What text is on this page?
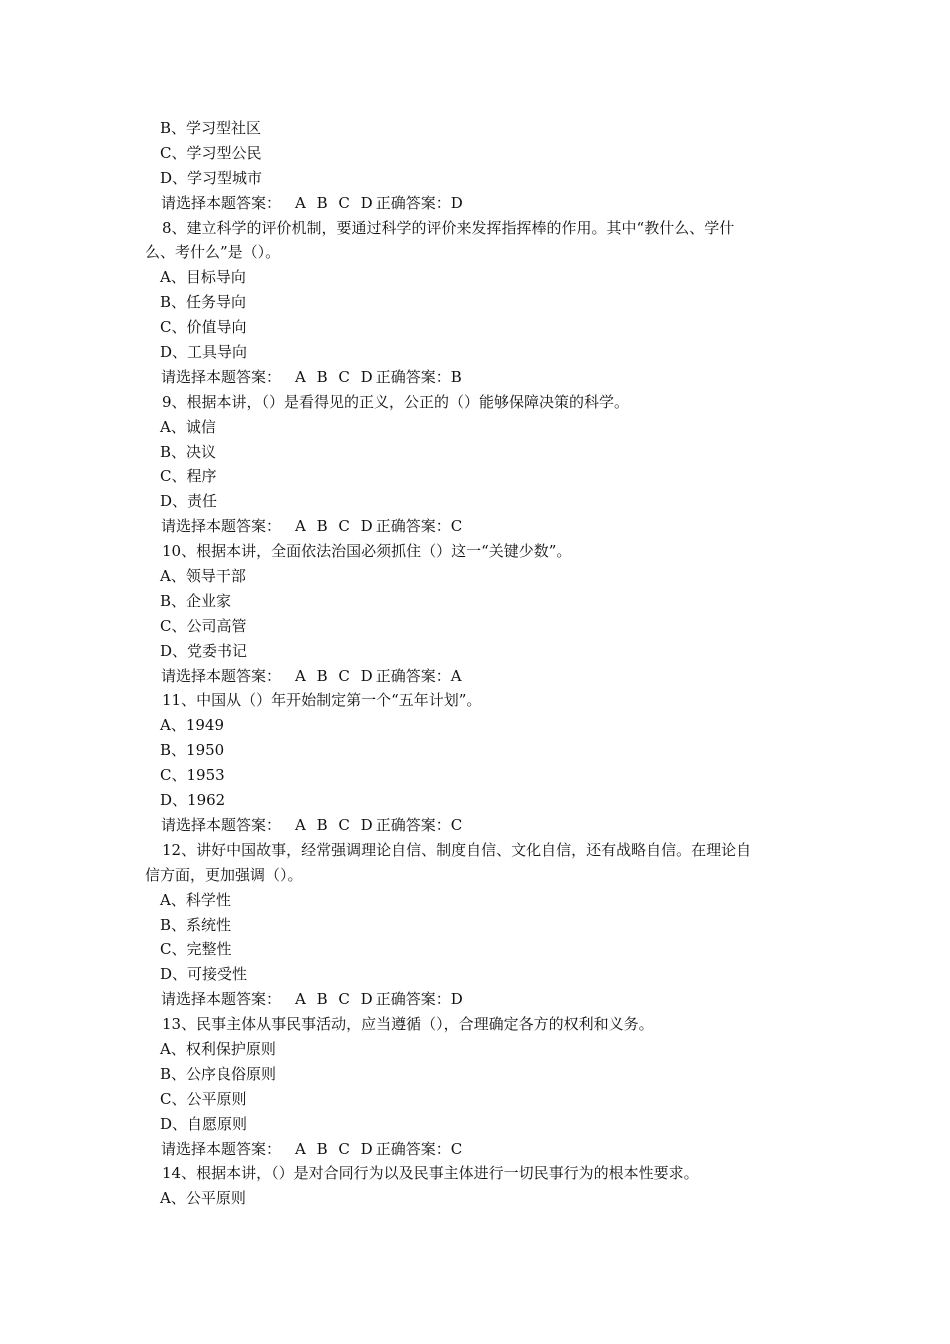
B、学习型社区
C、学习型公民
D、学习型城市
请选择本题答案： A B C D正确答案：D
8、建立科学的评价机制，要通过科学的评价来发挥指挥棒的作用。其中“教什么、学什
么、考什么”是（）。
A、目标导向
B、任务导向
C、价值导向
D、工具导向
请选择本题答案： A B C D正确答案：B
9、根据本讲，（）是看得见的正义，公正的（）能够保障决策的科学。
A、诚信
B、决议
C、程序
D、责任
请选择本题答案： A B C D正确答案：C
10、根据本讲，全面依法治国必须抓住（）这一“关键少数”。
A、领导干部
B、企业家
C、公司高管
D、党委书记
请选择本题答案： A B C D正确答案：A
11、中国从（）年开始制定第一个“五年计划”。
A、1949
B、1950
C、1953
D、1962
请选择本题答案： A B C D正确答案：C
12、讲好中国故事，经常强调理论自信、制度自信、文化自信，还有战略自信。在理论自
信方面，更加强调（）。
A、科学性
B、系统性
C、完整性
D、可接受性
请选择本题答案： A B C D正确答案：D
13、民事主体从事民事活动，应当遵循（），合理确定各方的权利和义务。
A、权利保护原则
B、公序良俗原则
C、公平原则
D、自愿原则
请选择本题答案： A B C D正确答案：C
14、根据本讲，（）是对合同行为以及民事主体进行一切民事行为的根本性要求。
A、公平原则
